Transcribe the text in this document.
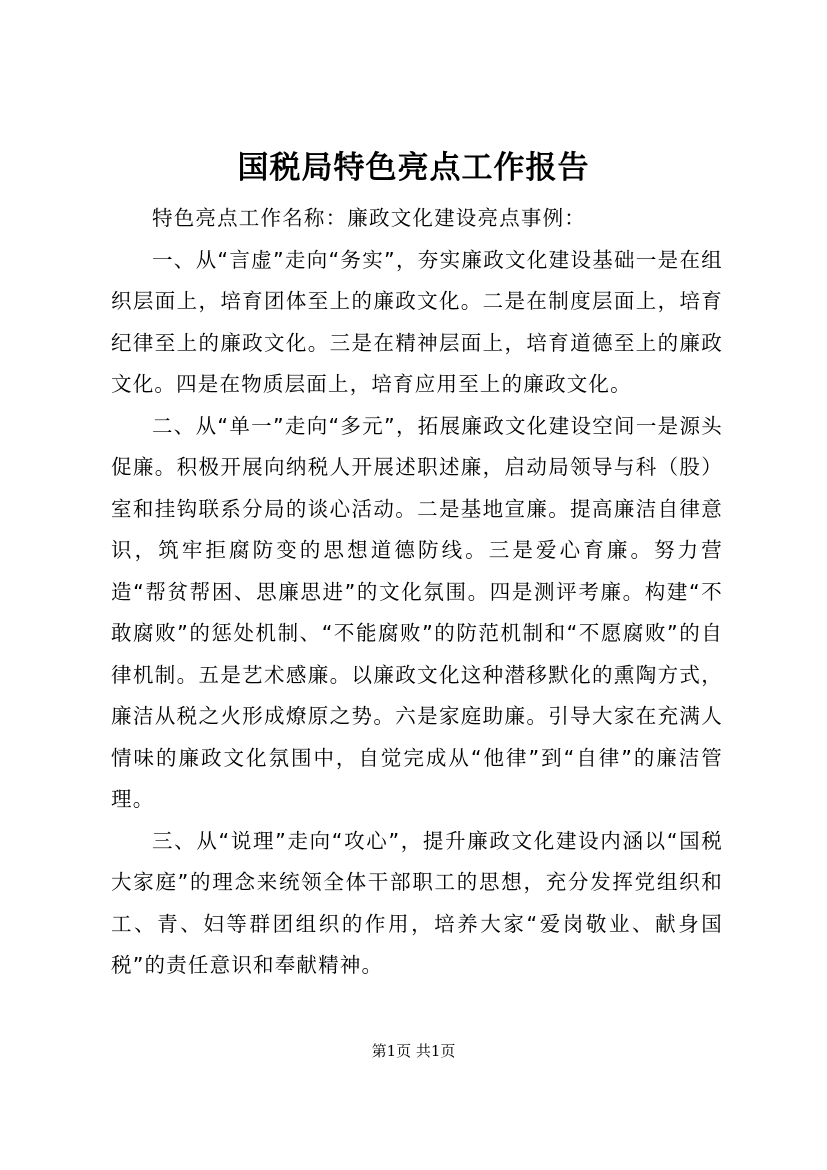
国税局特色亮点工作报告

特色亮点工作名称：廉政文化建设亮点事例：

一、从“言虚”走向“务实”，夯实廉政文化建设基础一是在组织层面上，培育团体至上的廉政文化。二是在制度层面上，培育纪律至上的廉政文化。三是在精神层面上，培育道德至上的廉政文化。四是在物质层面上，培育应用至上的廉政文化。

二、从“单一”走向“多元”，拓展廉政文化建设空间一是源头促廉。积极开展向纳税人开展述职述廉，启动局领导与科（股）室和挂钩联系分局的谈心活动。二是基地宣廉。提高廉洁自律意识，筑牢拒腐防变的思想道德防线。三是爱心育廉。努力营造“帮贫帮困、思廉思进”的文化氛围。四是测评考廉。构建“不敢腐败”的惩处机制、“不能腐败”的防范机制和“不愿腐败”的自律机制。五是艺术感廉。以廉政文化这种潜移默化的熏陶方式，廉洁从税之火形成燎原之势。六是家庭助廉。引导大家在充满人情味的廉政文化氛围中，自觉完成从“他律”到“自律”的廉洁管理。

三、从“说理”走向“攻心”，提升廉政文化建设内涵以“国税大家庭”的理念来统领全体干部职工的思想，充分发挥党组织和工、青、妇等群团组织的作用，培养大家“爱岗敬业、献身国税”的责任意识和奉献精神。

第1页 共1页
